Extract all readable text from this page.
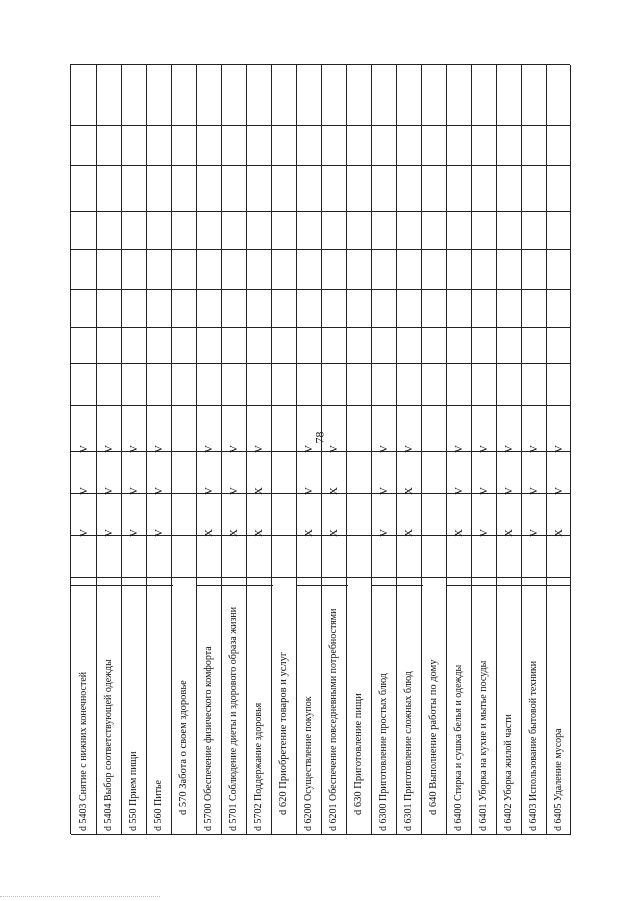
78
d 5403 Снятие с нижних конечностей
V
V
V
d 5404 Выбор соответствующей одежды
V
V
V
d 550 Прием пищи
V
V
V
d 560 Питье
V
V
V
d 570 Забота о своем здоровье d 5700 Обеспечение физического комфорта
X
V
V
d 5701 Соблюдение диеты и здорового образа жизни
X
V
V
d 5702 Поддержание здоровья
X
X
V
d 620 Приобретение товаров и услуг d 6200 Осуществление покупок
X
V
V
d 6201 Обеспечение повседневными потребностями
X
X
V
d 630 Приготовление пищи d 6300 Приготовление простых блюд
V
V
V
d 6301 Приготовление сложных блюд
X
X
V
d 640 Выполнение работы по дому d 6400 Стирка и сушка белья и одежды
X
V
V
d 6401 Уборка на кухне и мытье посуды
V
V
V
d 6402 Уборка жилой части
X
V
V
d 6403 Использование бытовой техники
V
V
V
d 6405 Удаление мусора
X
V
V
